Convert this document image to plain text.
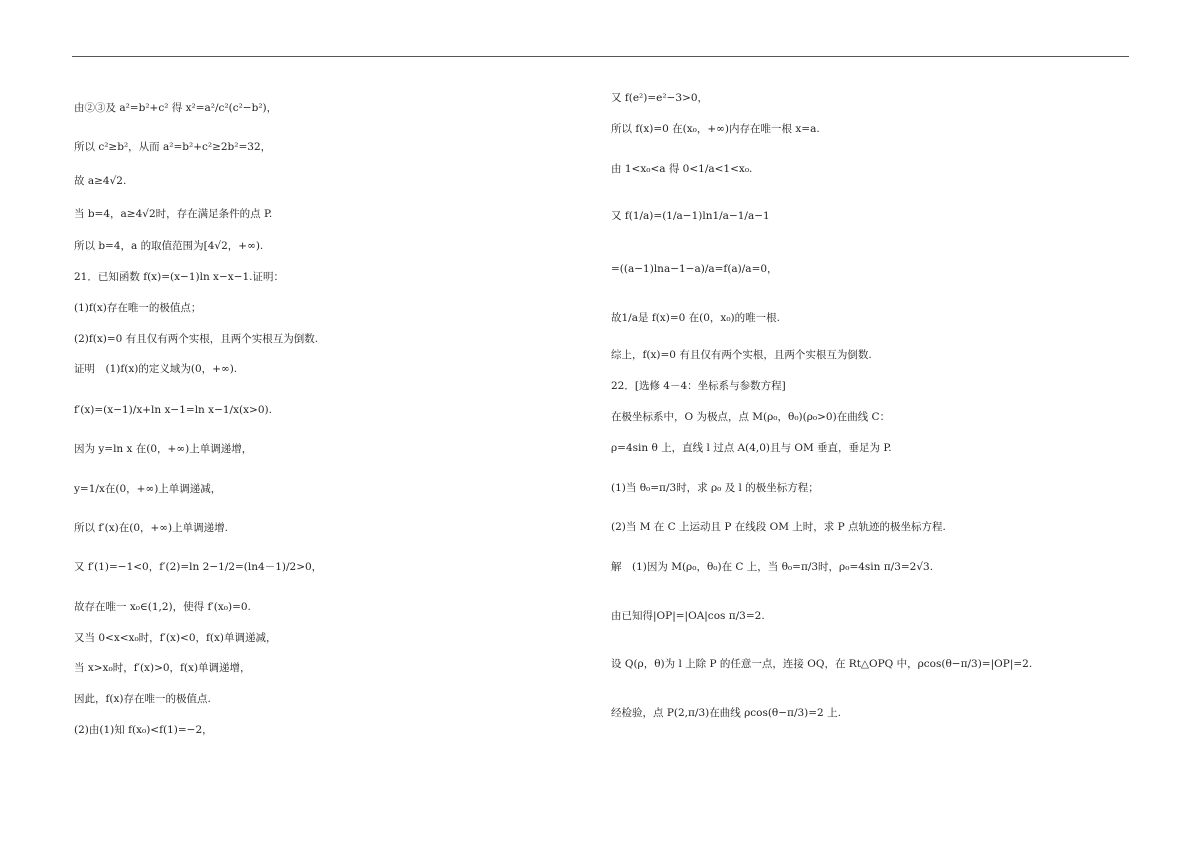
由②③及 a²=b²+c² 得 x²=a²/c²(c²−b²)，
所以 c²≥b²，从而 a²=b²+c²≥2b²=32，
故 a≥4√2.
当 b=4，a≥4√2时，存在满足条件的点 P.
所以 b=4，a 的取值范围为[4√2，+∞).
21．已知函数 f(x)=(x−1)ln x−x−1.证明：
(1)f(x)存在唯一的极值点；
(2)f(x)=0 有且仅有两个实根，且两个实根互为倒数.
证明　(1)f(x)的定义域为(0，+∞).
f′(x)=(x−1)/x+ln x−1=ln x−1/x(x>0).
因为 y=ln x 在(0，+∞)上单调递增，
y=1/x在(0，+∞)上单调递减，
所以 f′(x)在(0，+∞)上单调递增.
又 f′(1)=−1<0，f′(2)=ln 2−1/2=(ln4－1)/2>0，
故存在唯一 x₀∈(1,2)，使得 f′(x₀)=0.
又当 0<x<x₀时，f′(x)<0，f(x)单调递减，
当 x>x₀时，f′(x)>0，f(x)单调递增，
因此，f(x)存在唯一的极值点.
(2)由(1)知 f(x₀)<f(1)=−2，
又 f(e²)=e²−3>0，
所以 f(x)=0 在(x₀，+∞)内存在唯一根 x=a.
由 1<x₀<a 得 0<1/a<1<x₀.
又 f(1/a)=(1/a−1)ln1/a−1/a−1
=((a−1)lna−1−a)/a=f(a)/a=0，
故1/a是 f(x)=0 在(0，x₀)的唯一根.
综上，f(x)=0 有且仅有两个实根，且两个实根互为倒数.
22．[选修 4－4：坐标系与参数方程]
在极坐标系中，O 为极点，点 M(ρ₀，θ₀)(ρ₀>0)在曲线 C：
ρ=4sin θ 上，直线 l 过点 A(4,0)且与 OM 垂直，垂足为 P.
(1)当 θ₀=π/3时，求 ρ₀ 及 l 的极坐标方程；
(2)当 M 在 C 上运动且 P 在线段 OM 上时，求 P 点轨迹的极坐标方程.
解　(1)因为 M(ρ₀，θ₀)在 C 上，当 θ₀=π/3时，ρ₀=4sin π/3=2√3.
由已知得|OP|=|OA|cos π/3=2.
设 Q(ρ，θ)为 l 上除 P 的任意一点，连接 OQ，在 Rt△OPQ 中，ρcos(θ−π/3)=|OP|=2.
经检验，点 P(2,π/3)在曲线 ρcos(θ−π/3)=2 上.
